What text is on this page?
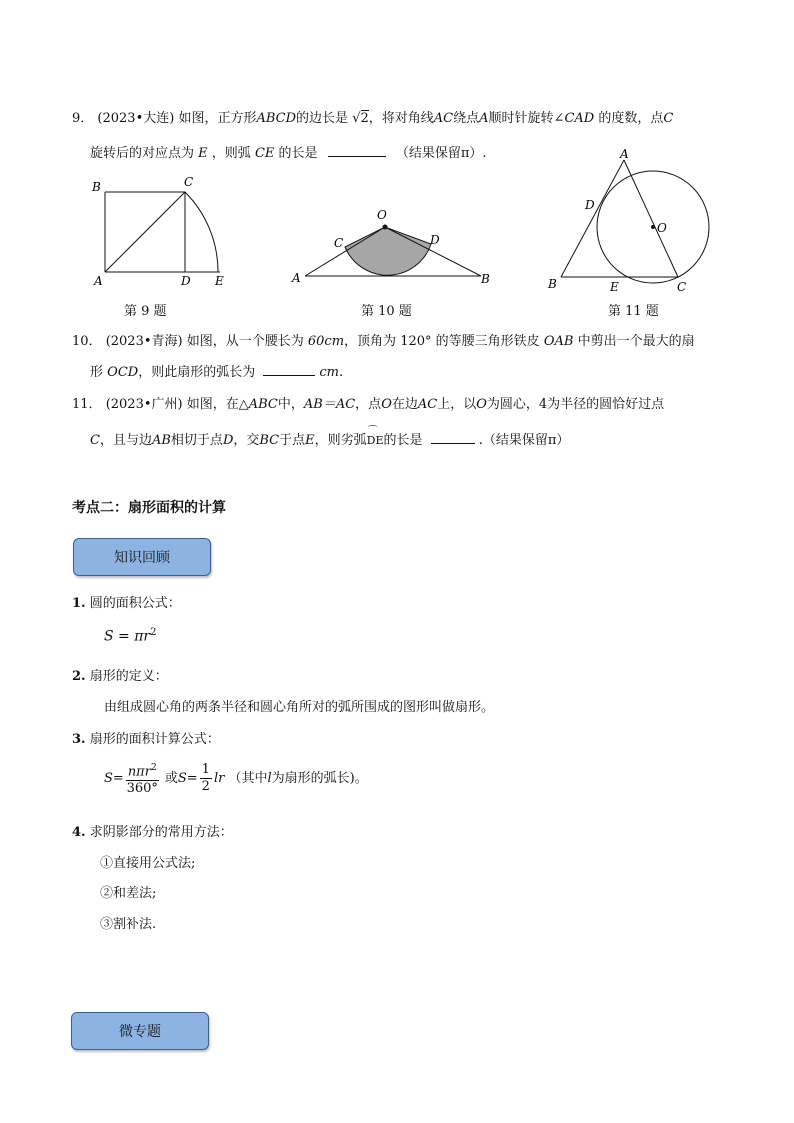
9． (2023•大连) 如图，正方形ABCD的边长是 √2，将对角线AC绕点A顺时针旋转∠CAD 的度数，点C
旋转后的对应点为 E ，则弧 CE 的长是	（结果保留π）.
B	C
A	D E
第 9 题
O
C	D
A	B
第 10 题
A
D
O
B	E	C
第 11 题
10． (2023•青海) 如图，从一个腰长为 60cm，顶角为 120° 的等腰三角形铁皮 OAB 中剪出一个最大的扇
形 OCD，则此扇形的弧长为	cm.
11． (2023•广州) 如图，在△ABC中，AB＝AC，点O在边AC上，以O为圆心，4为半径的圆恰好过点
C，且与边AB相切于点D，交BC于点E，则劣弧
⌒
DE的长是	.（结果保留π）
考点二：扇形面积的计算
知识回顾
1. 圆的面积公式：
$S = \pi r^2$
2. 扇形的定义：
由组成圆心角的两条半径和圆心角所对的弧所围成的图形叫做扇形。
3. 扇形的面积计算公式：
$S= \frac{n\pi r^2}{360^\circ}$ 或$S= \frac{1}{2}$ lr （其中l为扇形的弧长)。
4. 求阴影部分的常用方法：
①直接用公式法;
②和差法;
③割补法.
微专题
